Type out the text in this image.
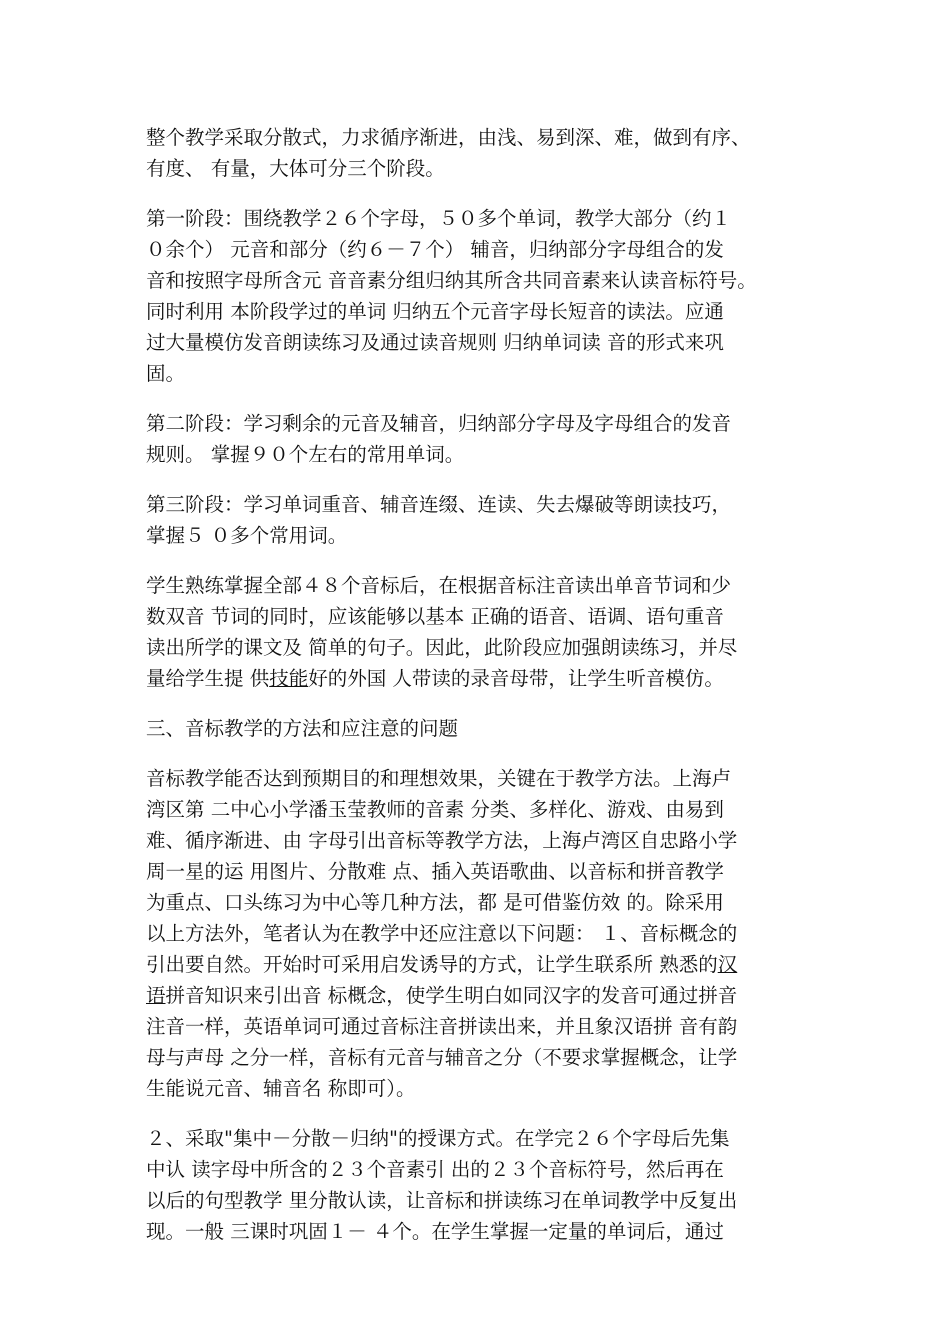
整个教学采取分散式，力求循序渐进，由浅、易到深、难，做到有序、
有度、 有量，大体可分三个阶段。

第一阶段：围绕教学２６个字母，５０多个单词，教学大部分（约１
０余个） 元音和部分（约６－７个） 辅音，归纳部分字母组合的发
音和按照字母所含元 音音素分组归纳其所含共同音素来认读音标符号。
同时利用 本阶段学过的单词 归纳五个元音字母长短音的读法。应通
过大量模仿发音朗读练习及通过读音规则 归纳单词读 音的形式来巩
固。

第二阶段：学习剩余的元音及辅音，归纳部分字母及字母组合的发音
规则。 掌握９０个左右的常用单词。

第三阶段：学习单词重音、辅音连缀、连读、失去爆破等朗读技巧，
掌握５ ０多个常用词。

学生熟练掌握全部４８个音标后，在根据音标注音读出单音节词和少
数双音 节词的同时，应该能够以基本 正确的语音、语调、语句重音
读出所学的课文及 简单的句子。因此，此阶段应加强朗读练习，并尽
量给学生提 供技能好的外国 人带读的录音母带，让学生听音模仿。

三、音标教学的方法和应注意的问题

音标教学能否达到预期目的和理想效果，关键在于教学方法。上海卢
湾区第 二中心小学潘玉莹教师的音素 分类、多样化、游戏、由易到
难、循序渐进、由 字母引出音标等教学方法，上海卢湾区自忠路小学
周一星的运 用图片、分散难 点、插入英语歌曲、以音标和拼音教学
为重点、口头练习为中心等几种方法，都 是可借鉴仿效 的。除采用
以上方法外，笔者认为在教学中还应注意以下问题： １、音标概念的
引出要自然。开始时可采用启发诱导的方式，让学生联系所 熟悉的汉
语拼音知识来引出音 标概念，使学生明白如同汉字的发音可通过拼音
注音一样，英语单词可通过音标注音拼读出来，并且象汉语拼 音有韵
母与声母 之分一样，音标有元音与辅音之分（不要求掌握概念，让学
生能说元音、辅音名 称即可）。

２、采取"集中－分散－归纳"的授课方式。在学完２６个字母后先集
中认 读字母中所含的２３个音素引 出的２３个音标符号，然后再在
以后的句型教学 里分散认读，让音标和拼读练习在单词教学中反复出
现。一般 三课时巩固１－ ４个。在学生掌握一定量的单词后，通过
